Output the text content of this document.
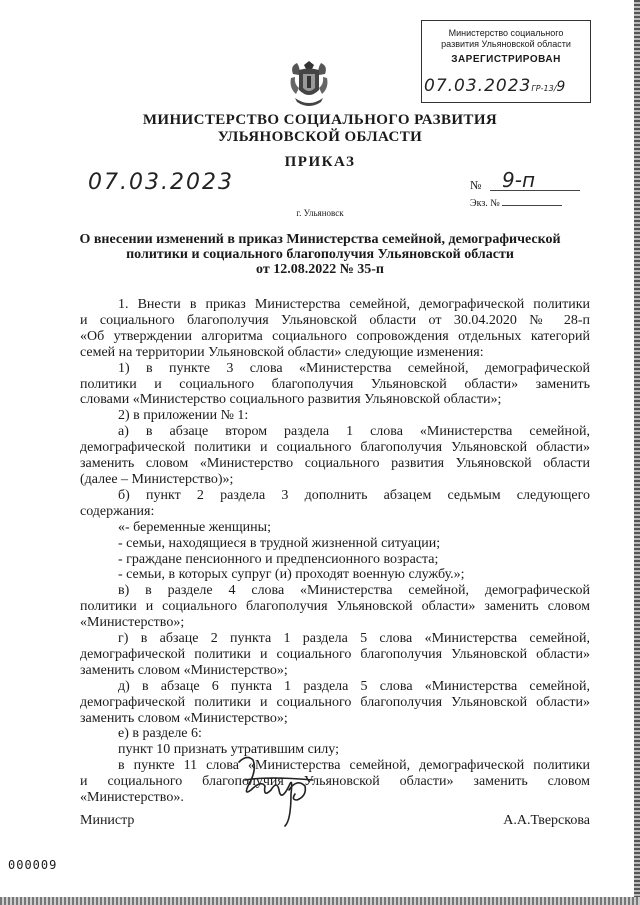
Министерство социального
развития Ульяновской области
ЗАРЕГИСТРИРОВАН
07.03.2023ГР-13/9
МИНИСТЕРСТВО СОЦИАЛЬНОГО РАЗВИТИЯ
УЛЬЯНОВСКОЙ ОБЛАСТИ
ПРИКАЗ
07.03.2023	№ 9-п
Экз. №
г. Ульяновск
О внесении изменений в приказ Министерства семейной, демографической
политики и социального благополучия Ульяновской области
от 12.08.2022 № 35-п
1. Внести в приказ Министерства семейной, демографической политики
и социального благополучия Ульяновской области от 30.04.2020 № 28-п
«Об утверждении алгоритма социального сопровождения отдельных категорий
семей на территории Ульяновской области» следующие изменения:
1) в пункте 3 слова «Министерства семейной, демографической
политики и социального благополучия Ульяновской области» заменить
словами «Министерство социального развития Ульяновской области»;
2) в приложении № 1:
а) в абзаце втором раздела 1 слова «Министерства семейной,
демографической политики и социального благополучия Ульяновской области»
заменить словом «Министерство социального развития Ульяновской области
(далее – Министерство)»;
б) пункт 2 раздела 3 дополнить абзацем седьмым следующего
содержания:
«- беременные женщины;
- семьи, находящиеся в трудной жизненной ситуации;
- граждане пенсионного и предпенсионного возраста;
- семьи, в которых супруг (и) проходят военную службу.»;
в) в разделе 4 слова «Министерства семейной, демографической
политики и социального благополучия Ульяновской области» заменить словом
«Министерство»;
г) в абзаце 2 пункта 1 раздела 5 слова «Министерства семейной,
демографической политики и социального благополучия Ульяновской области»
заменить словом «Министерство»;
д) в абзаце 6 пункта 1 раздела 5 слова «Министерства семейной,
демографической политики и социального благополучия Ульяновской области»
заменить словом «Министерство»;
е) в разделе 6:
пункт 10 признать утратившим силу;
в пункте 11 слова «Министерства семейной, демографической политики
и социального благополучия Ульяновской области» заменить словом
«Министерство».
Министр	А.А.Тверскова
000009
